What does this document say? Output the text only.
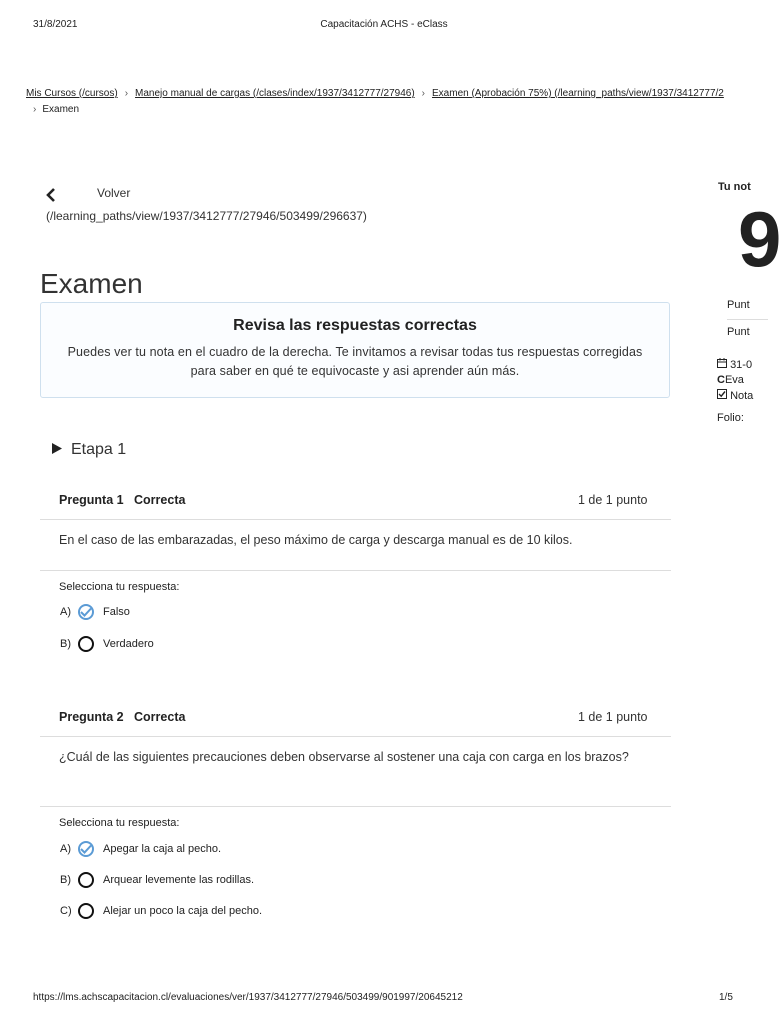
31/8/2021	Capacitación ACHS - eClass
Mis Cursos (/cursos) › Manejo manual de cargas (/clases/index/1937/3412777/27946) › Examen (Aprobación 75%) (/learning_paths/view/1937/3412777/2
› Examen
Volver
(/learning_paths/view/1937/3412777/27946/503499/296637)
Examen
Revisa las respuestas correctas

Puedes ver tu nota en el cuadro de la derecha. Te invitamos a revisar todas tus respuestas corregidas para saber en qué te equivocaste y asi aprender aún más.

Etapa 1
Pregunta 1   Correcta	1 de 1 punto
En el caso de las embarazadas, el peso máximo de carga y descarga manual es de 10 kilos.
Selecciona tu respuesta:
A)	Falso
B)	Verdadero
Pregunta 2   Correcta	1 de 1 punto
¿Cuál de las siguientes precauciones deben observarse al sostener una caja con carga en los brazos?
Selecciona tu respuesta:
A)	Apegar la caja al pecho.
B)	Arquear levemente las rodillas.
C)	Alejar un poco la caja del pecho.
Tu not
9
Punt
Punt
31-0
CEva
Nota
Folio:
https://lms.achscapacitacion.cl/evaluaciones/ver/1937/3412777/27946/503499/901997/20645212	1/5
